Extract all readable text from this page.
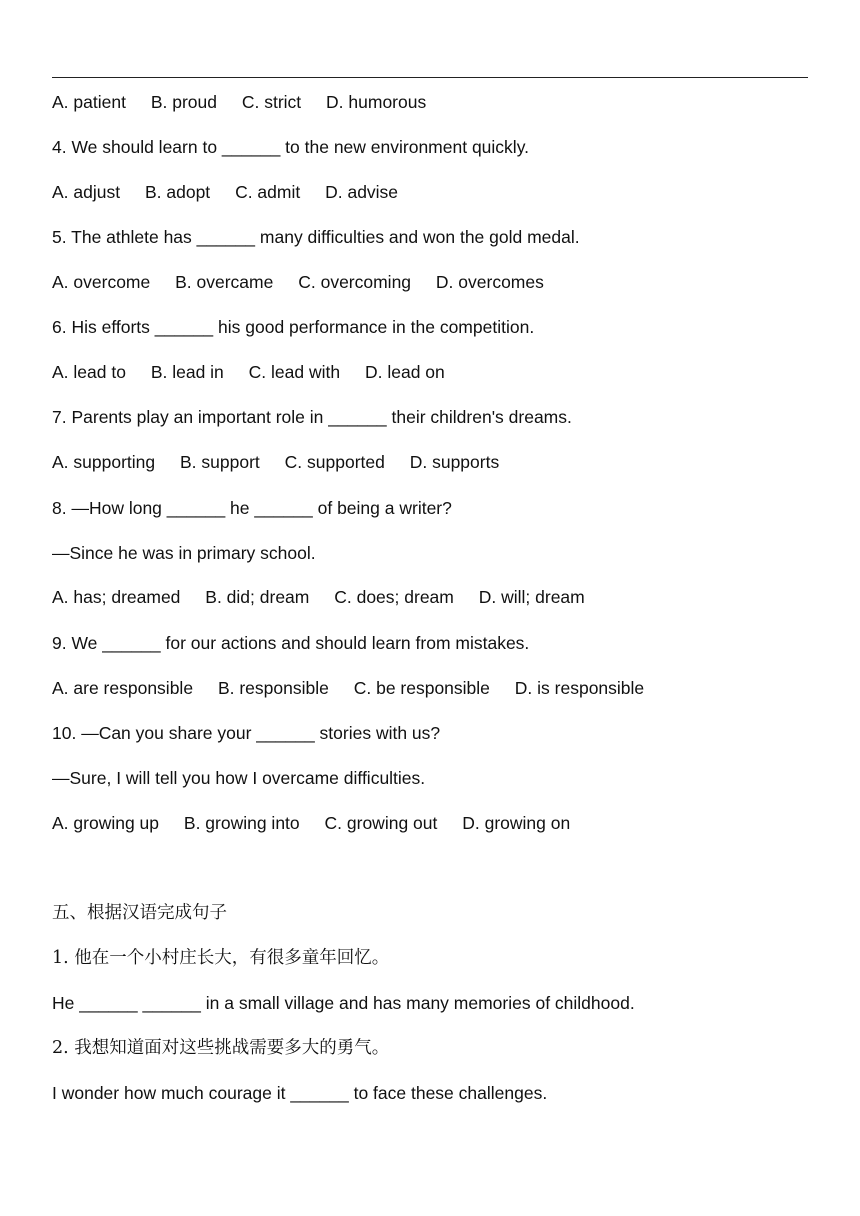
A. patient B. proud C. strict D. humorous
4. We should learn to ______ to the new environment quickly.
A. adjust B. adopt C. admit D. advise
5. The athlete has ______ many difficulties and won the gold medal.
A. overcome B. overcame C. overcoming D. overcomes
6. His efforts ______ his good performance in the competition.
A. lead to B. lead in C. lead with D. lead on
7. Parents play an important role in ______ their children's dreams.
A. supporting B. support C. supported D. supports
8. —How long ______ he ______ of being a writer?
—Since he was in primary school.
A. has; dreamed B. did; dream C. does; dream D. will; dream
9. We ______ for our actions and should learn from mistakes.
A. are responsible B. responsible C. be responsible D. is responsible
10. —Can you share your ______ stories with us?
—Sure, I will tell you how I overcame difficulties.
A. growing up B. growing into C. growing out D. growing on
五、根据汉语完成句子
1. 他在一个小村庄长大，有很多童年回忆。
He ______ ______ in a small village and has many memories of childhood.
2. 我想知道面对这些挑战需要多大的勇气。
I wonder how much courage it ______ to face these challenges.
